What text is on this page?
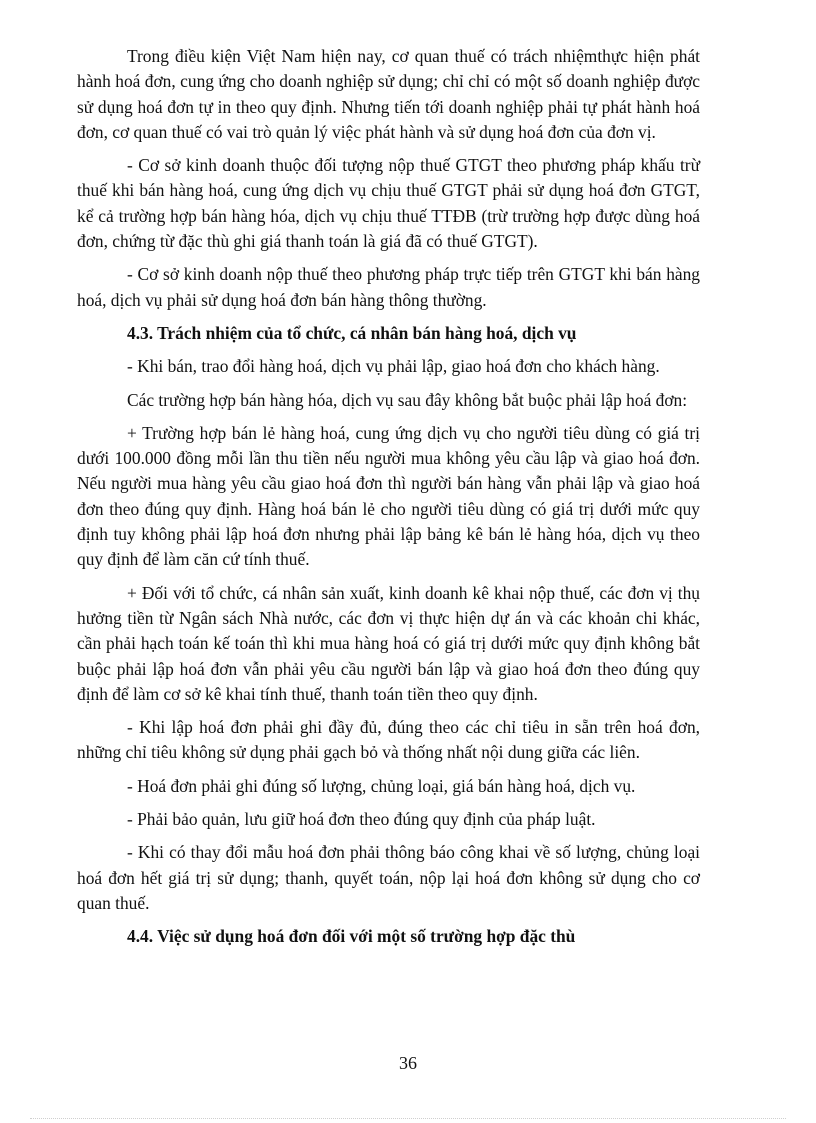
Trong điều kiện Việt Nam hiện nay, cơ quan thuế có trách nhiệmthực hiện phát hành hoá đơn, cung ứng cho doanh nghiệp sử dụng; chỉ chỉ có một số doanh nghiệp được sử dụng hoá đơn tự in theo quy định. Nhưng tiến tới doanh nghiệp phải tự phát hành hoá đơn, cơ quan thuế có vai trò quản lý việc phát hành và sử dụng hoá đơn của đơn vị.

- Cơ sở kinh doanh thuộc đối tượng nộp thuế GTGT theo phương pháp khấu trừ thuế khi bán hàng hoá, cung ứng dịch vụ chịu thuế GTGT phải sử dụng hoá đơn GTGT, kể cả trường hợp bán hàng hóa, dịch vụ chịu thuế TTĐB (trừ trường hợp được dùng hoá đơn, chứng từ đặc thù ghi giá thanh toán là giá đã có thuế GTGT).

- Cơ sở kinh doanh nộp thuế theo phương pháp trực tiếp trên GTGT khi bán hàng hoá, dịch vụ phải sử dụng hoá đơn bán hàng thông thường.

4.3. Trách nhiệm của tổ chức, cá nhân bán hàng hoá, dịch vụ

- Khi bán, trao đổi hàng hoá, dịch vụ phải lập, giao hoá đơn cho khách hàng.

Các trường hợp bán hàng hóa, dịch vụ sau đây không bắt buộc phải lập hoá đơn:

+ Trường hợp bán lẻ hàng hoá, cung ứng dịch vụ cho người tiêu dùng có giá trị dưới 100.000 đồng mỗi lần thu tiền nếu người mua không yêu cầu lập và giao hoá đơn. Nếu người mua hàng yêu cầu giao hoá đơn thì người bán hàng vẫn phải lập và giao hoá đơn theo đúng quy định. Hàng hoá bán lẻ cho người tiêu dùng có giá trị dưới mức quy định tuy không phải lập hoá đơn nhưng phải lập bảng kê bán lẻ hàng hóa, dịch vụ theo quy định để làm căn cứ tính thuế.

+ Đối với tổ chức, cá nhân sản xuất, kinh doanh kê khai nộp thuế, các đơn vị thụ hưởng tiền từ Ngân sách Nhà nước, các đơn vị thực hiện dự án và các khoản chi khác, cần phải hạch toán kế toán thì khi mua hàng hoá có giá trị dưới mức quy định không bắt buộc phải lập hoá đơn vẫn phải yêu cầu người bán lập và giao hoá đơn theo đúng quy định để làm cơ sở kê khai tính thuế, thanh toán tiền theo quy định.

- Khi lập hoá đơn phải ghi đầy đủ, đúng theo các chỉ tiêu in sẵn trên hoá đơn, những chỉ tiêu không sử dụng phải gạch bỏ và thống nhất nội dung giữa các liên.

- Hoá đơn phải ghi đúng số lượng, chủng loại, giá bán hàng hoá, dịch vụ.

- Phải bảo quản, lưu giữ hoá đơn theo đúng quy định của pháp luật.

- Khi có thay đổi mẫu hoá đơn phải thông báo công khai về số lượng, chủng loại hoá đơn hết giá trị sử dụng; thanh, quyết toán, nộp lại hoá đơn không sử dụng cho cơ quan thuế.

4.4. Việc sử dụng hoá đơn đối với một số trường hợp đặc thù

36
